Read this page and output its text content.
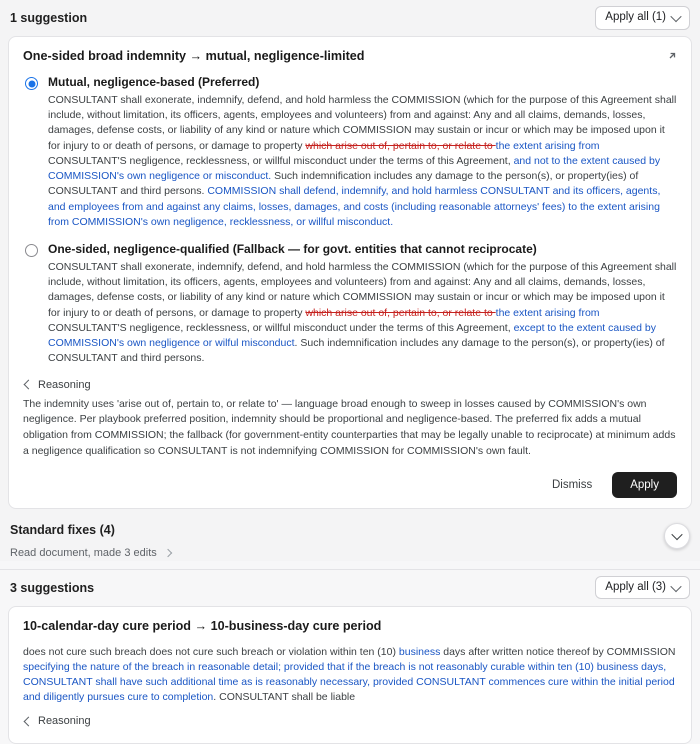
1 suggestion	Apply all (1)
One-sided broad indemnity → mutual, negligence-limited
Mutual, negligence-based (Preferred)
CONSULTANT shall exonerate, indemnify, defend, and hold harmless the COMMISSION (which for the purpose of this Agreement shall include, without limitation, its officers, agents, employees and volunteers) from and against: Any and all claims, demands, losses, damages, defense costs, or liability of any kind or nature which COMMISSION may sustain or incur or which may be imposed upon it for injury to or death of persons, or damage to property which arise out of, pertain to, or relate to the extent arising from CONSULTANT'S negligence, recklessness, or willful misconduct under the terms of this Agreement, and not to the extent caused by COMMISSION's own negligence or misconduct. Such indemnification includes any damage to the person(s), or property(ies) of CONSULTANT and third persons. COMMISSION shall defend, indemnify, and hold harmless CONSULTANT and its officers, agents, and employees from and against any claims, losses, damages, and costs (including reasonable attorneys' fees) to the extent arising from COMMISSION's own negligence, recklessness, or willful misconduct.
One-sided, negligence-qualified (Fallback — for govt. entities that cannot reciprocate)
CONSULTANT shall exonerate, indemnify, defend, and hold harmless the COMMISSION (which for the purpose of this Agreement shall include, without limitation, its officers, agents, employees and volunteers) from and against: Any and all claims, demands, losses, damages, defense costs, or liability of any kind or nature which COMMISSION may sustain or incur or which may be imposed upon it for injury to or death of persons, or damage to property which arise out of, pertain to, or relate to the extent arising from CONSULTANT'S negligence, recklessness, or willful misconduct under the terms of this Agreement, except to the extent caused by COMMISSION's own negligence or wilful misconduct. Such indemnification includes any damage to the person(s), or property(ies) of CONSULTANT and third persons.
Reasoning
The indemnity uses 'arise out of, pertain to, or relate to' — language broad enough to sweep in losses caused by COMMISSION's own negligence. Per playbook preferred position, indemnity should be proportional and negligence-based. The preferred fix adds a mutual obligation from COMMISSION; the fallback (for government-entity counterparties that may be legally unable to reciprocate) at minimum adds a negligence qualification so CONSULTANT is not indemnifying COMMISSION for COMMISSION's own fault.
Dismiss	Apply
Standard fixes (4)
Read document, made 3 edits
3 suggestions	Apply all (3)
10-calendar-day cure period → 10-business-day cure period
does not cure such breach does not cure such breach or violation within ten (10) business days after written notice thereof by COMMISSION specifying the nature of the breach in reasonable detail; provided that if the breach is not reasonably curable within ten (10) business days, CONSULTANT shall have such additional time as is reasonably necessary, provided CONSULTANT commences cure within the initial period and diligently pursues cure to completion. CONSULTANT shall be liable
Reasoning
